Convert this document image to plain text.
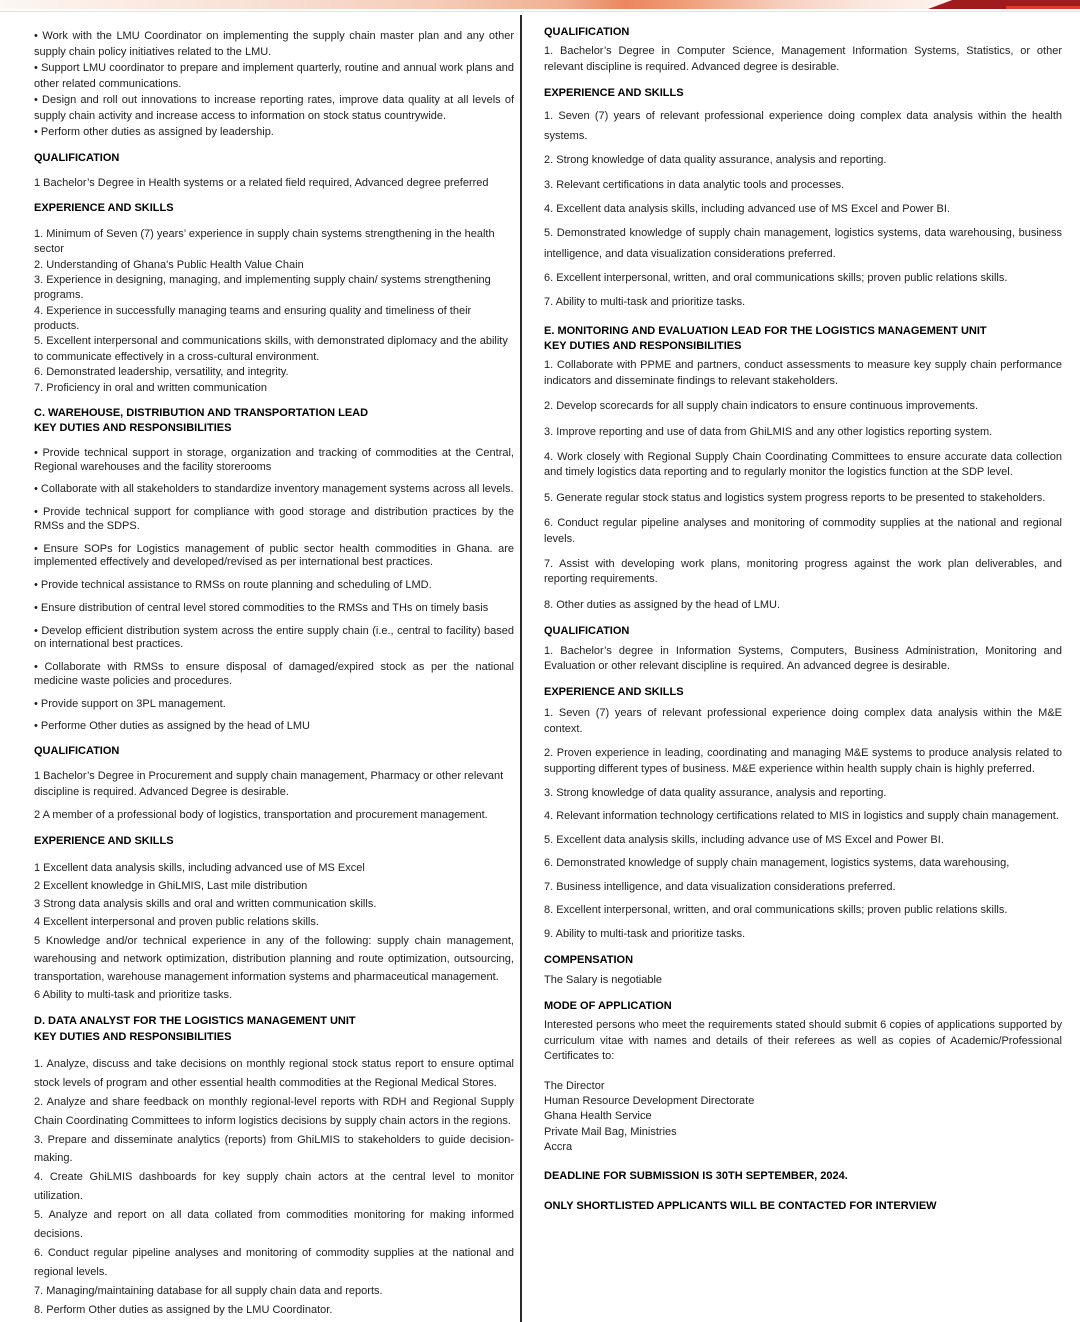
• Work with the LMU Coordinator on implementing the supply chain master plan and any other supply chain policy initiatives related to the LMU.

• Support LMU coordinator to prepare and implement quarterly, routine and annual work plans and other related communications.

• Design and roll out innovations to increase reporting rates, improve data quality at all levels of supply chain activity and increase access to information on stock status countrywide.

• Perform other duties as assigned by leadership.

QUALIFICATION

1 Bachelor’s Degree in Health systems or a related field required, Advanced degree preferred

EXPERIENCE AND SKILLS

1. Minimum of Seven (7) years’ experience in supply chain systems strengthening in the health sector

2. Understanding of Ghana's Public Health Value Chain

3. Experience in designing, managing, and implementing supply chain/ systems strengthening programs.

4. Experience in successfully managing teams and ensuring quality and timeliness of their products.

5. Excellent interpersonal and communications skills, with demonstrated diplomacy and the ability to communicate effectively in a cross-cultural environment.

6. Demonstrated leadership, versatility, and integrity.

7. Proficiency in oral and written communication

C. WAREHOUSE, DISTRIBUTION AND TRANSPORTATION LEAD

KEY DUTIES AND RESPONSIBILITIES

• Provide technical support in storage, organization and tracking of commodities at the Central, Regional warehouses and the facility storerooms

• Collaborate with all stakeholders to standardize inventory management systems across all levels.

• Provide technical support for compliance with good storage and distribution practices by the RMSs and the SDPS.

• Ensure SOPs for Logistics management of public sector health commodities in Ghana. are implemented effectively and developed/revised as per international best practices.

• Provide technical assistance to RMSs on route planning and scheduling of LMD.

• Ensure distribution of central level stored commodities to the RMSs and THs on timely basis

• Develop efficient distribution system across the entire supply chain (i.e., central to facility) based on international best practices.

• Collaborate with RMSs to ensure disposal of damaged/expired stock as per the national medicine waste policies and procedures.

• Provide support on 3PL management.

• Performe Other duties as assigned by the head of LMU

QUALIFICATION

1 Bachelor’s Degree in Procurement and supply chain management, Pharmacy or other relevant discipline is required. Advanced Degree is desirable.

2 A member of a professional body of logistics, transportation and procurement management.

EXPERIENCE AND SKILLS

1 Excellent data analysis skills, including advanced use of MS Excel

2 Excellent knowledge in GhiLMIS, Last mile distribution

3 Strong data analysis skills and oral and written communication skills.

4 Excellent interpersonal and proven public relations skills.

5 Knowledge and/or technical experience in any of the following: supply chain management, warehousing and network optimization, distribution planning and route optimization, outsourcing, transportation, warehouse management information systems and pharmaceutical management.

6 Ability to multi-task and prioritize tasks.

D. DATA ANALYST FOR THE LOGISTICS MANAGEMENT UNIT

KEY DUTIES AND RESPONSIBILITIES

1. Analyze, discuss and take decisions on monthly regional stock status report to ensure optimal stock levels of program and other essential health commodities at the Regional Medical Stores.

2. Analyze and share feedback on monthly regional-level reports with RDH and Regional Supply Chain Coordinating Committees to inform logistics decisions by supply chain actors in the regions.

3. Prepare and disseminate analytics (reports) from GhiLMIS to stakeholders to guide decision-making.

4. Create GhiLMIS dashboards for key supply chain actors at the central level to monitor utilization.

5. Analyze and report on all data collated from commodities monitoring for making informed decisions.

6. Conduct regular pipeline analyses and monitoring of commodity supplies at the national and regional levels.

7. Managing/maintaining database for all supply chain data and reports.

8. Perform Other duties as assigned by the LMU Coordinator.

QUALIFICATION

1. Bachelor’s Degree in Computer Science, Management Information Systems, Statistics, or other relevant discipline is required. Advanced degree is desirable.

EXPERIENCE AND SKILLS

1. Seven (7) years of relevant professional experience doing complex data analysis within the health systems.

2. Strong knowledge of data quality assurance, analysis and reporting.

3. Relevant certifications in data analytic tools and processes.

4. Excellent data analysis skills, including advanced use of MS Excel and Power BI.

5. Demonstrated knowledge of supply chain management, logistics systems, data warehousing, business intelligence, and data visualization considerations preferred.

6. Excellent interpersonal, written, and oral communications skills; proven public relations skills.

7. Ability to multi-task and prioritize tasks.

E. MONITORING AND EVALUATION LEAD FOR THE LOGISTICS MANAGEMENT UNIT

KEY DUTIES AND RESPONSIBILITIES

1. Collaborate with PPME and partners, conduct assessments to measure key supply chain performance indicators and disseminate findings to relevant stakeholders.

2. Develop scorecards for all supply chain indicators to ensure continuous improvements.

3. Improve reporting and use of data from GhiLMIS and any other logistics reporting system.

4. Work closely with Regional Supply Chain Coordinating Committees to ensure accurate data collection and timely logistics data reporting and to regularly monitor the logistics function at the SDP level.

5. Generate regular stock status and logistics system progress reports to be presented to stakeholders.

6. Conduct regular pipeline analyses and monitoring of commodity supplies at the national and regional levels.

7. Assist with developing work plans, monitoring progress against the work plan deliverables, and reporting requirements.

8. Other duties as assigned by the head of LMU.

QUALIFICATION

1. Bachelor’s degree in Information Systems, Computers, Business Administration, Monitoring and Evaluation or other relevant discipline is required. An advanced degree is desirable.

EXPERIENCE AND SKILLS

1. Seven (7) years of relevant professional experience doing complex data analysis within the M&E context.

2. Proven experience in leading, coordinating and managing M&E systems to produce analysis related to supporting different types of business. M&E experience within health supply chain is highly preferred.

3. Strong knowledge of data quality assurance, analysis and reporting.

4. Relevant information technology certifications related to MIS in logistics and supply chain management.

5. Excellent data analysis skills, including advance use of MS Excel and Power BI.

6. Demonstrated knowledge of supply chain management, logistics systems, data warehousing,

7. Business intelligence, and data visualization considerations preferred.

8. Excellent interpersonal, written, and oral communications skills; proven public relations skills.

9. Ability to multi-task and prioritize tasks.

COMPENSATION

The Salary is negotiable

MODE OF APPLICATION

Interested persons who meet the requirements stated should submit 6 copies of applications supported by curriculum vitae with names and details of their referees as well as copies of Academic/Professional Certificates to:

The Director

Human Resource Development Directorate

Ghana Health Service

Private Mail Bag, Ministries

Accra

DEADLINE FOR SUBMISSION IS 30TH SEPTEMBER, 2024.

ONLY SHORTLISTED APPLICANTS WILL BE CONTACTED FOR INTERVIEW
